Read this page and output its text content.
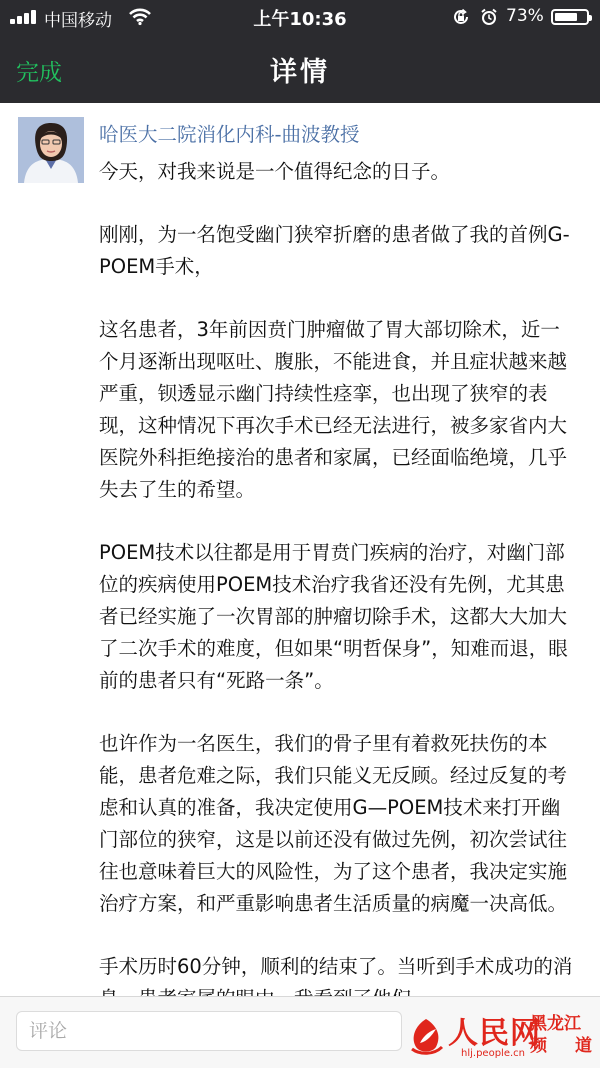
中国移动	上午10:36	73%
完成	详情
哈医大二院消化内科-曲波教授

今天，对我来说是一个值得纪念的日子。

刚刚，为一名饱受幽门狭窄折磨的患者做了我的首例G-POEM手术，

这名患者，3年前因贲门肿瘤做了胃大部切除术，近一个月逐渐出现呕吐、腹胀，不能进食，并且症状越来越严重，钡透显示幽门持续性痉挛，也出现了狭窄的表现，这种情况下再次手术已经无法进行，被多家省内大医院外科拒绝接治的患者和家属，已经面临绝境，几乎失去了生的希望。

POEM技术以往都是用于胃贲门疾病的治疗，对幽门部位的疾病使用POEM技术治疗我省还没有先例，尤其患者已经实施了一次胃部的肿瘤切除手术，这都大大加大了二次手术的难度，但如果“明哲保身”，知难而退，眼前的患者只有“死路一条”。

也许作为一名医生，我们的骨子里有着救死扶伤的本能，患者危难之际，我们只能义无反顾。经过反复的考虑和认真的准备，我决定使用G—POEM技术来打开幽门部位的狭窄，这是以前还没有做过先例，初次尝试往往也意味着巨大的风险性，为了这个患者，我决定实施治疗方案，和严重影响患者生活质量的病魔一决高低。

手术历时60分钟，顺利的结束了。当听到手术成功的消

评论
人民网
黑龙江
频道
hlj.people.cn
